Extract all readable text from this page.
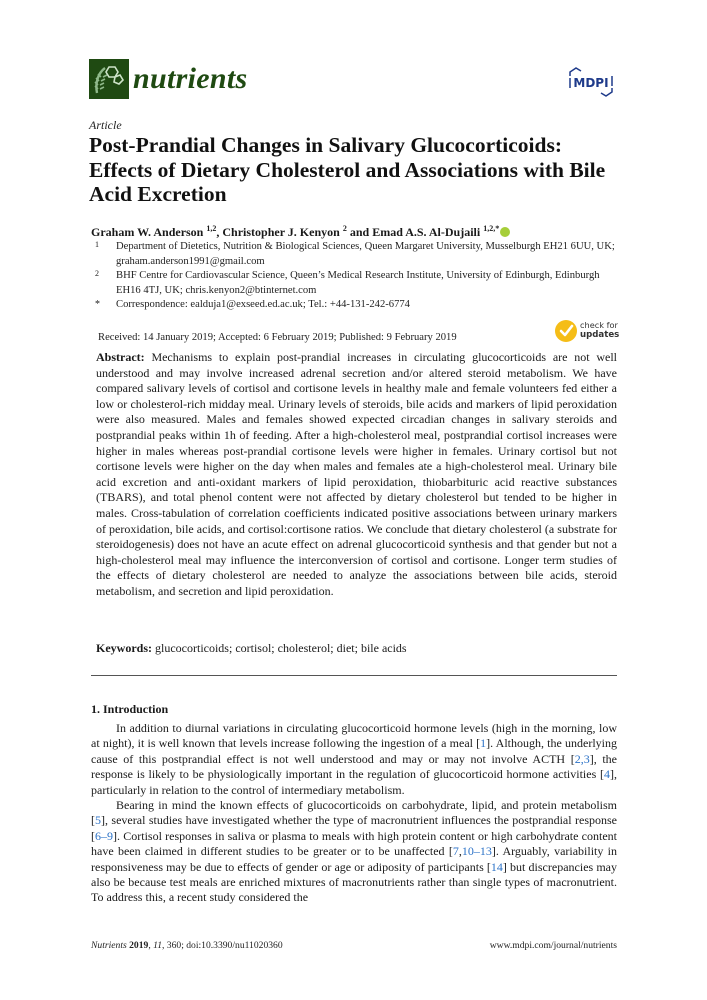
nutrients	MDPI
Article
Post-Prandial Changes in Salivary Glucocorticoids: Effects of Dietary Cholesterol and Associations with Bile Acid Excretion
Graham W. Anderson $^{1,2}$, Christopher J. Kenyon $^2$ and Emad A.S. Al-Dujaili $^{1,2,*}$
1 Department of Dietetics, Nutrition & Biological Sciences, Queen Margaret University, Musselburgh EH21 6UU, UK; graham.anderson1991@gmail.com
2 BHF Centre for Cardiovascular Science, Queen’s Medical Research Institute, University of Edinburgh, Edinburgh EH16 4TJ, UK; chris.kenyon2@btinternet.com
* Correspondence: ealduja1@exseed.ed.ac.uk; Tel.: +44-131-242-6774
Received: 14 January 2019; Accepted: 6 February 2019; Published: 9 February 2019
check for
updates
Abstract: Mechanisms to explain post-prandial increases in circulating glucocorticoids are not well understood and may involve increased adrenal secretion and/or altered steroid metabolism. We have compared salivary levels of cortisol and cortisone levels in healthy male and female volunteers fed either a low or cholesterol-rich midday meal. Urinary levels of steroids, bile acids and markers of lipid peroxidation were also measured. Males and females showed expected circadian changes in salivary steroids and postprandial peaks within 1h of feeding. After a high-cholesterol meal, postprandial cortisol increases were higher in males whereas post-prandial cortisone levels were higher in females. Urinary cortisol but not cortisone levels were higher on the day when males and females ate a high-cholesterol meal. Urinary bile acid excretion and anti-oxidant markers of lipid peroxidation, thiobarbituric acid reactive substances (TBARS), and total phenol content were not affected by dietary cholesterol but tended to be higher in males. Cross-tabulation of correlation coefficients indicated positive associations between urinary markers of peroxidation, bile acids, and cortisol:cortisone ratios. We conclude that dietary cholesterol (a substrate for steroidogenesis) does not have an acute effect on adrenal glucocorticoid synthesis and that gender but not a high-cholesterol meal may influence the interconversion of cortisol and cortisone. Longer term studies of the effects of dietary cholesterol are needed to analyze the associations between bile acids, steroid metabolism, and secretion and lipid peroxidation.
Keywords: glucocorticoids; cortisol; cholesterol; diet; bile acids
1. Introduction

In addition to diurnal variations in circulating glucocorticoid hormone levels (high in the morning, low at night), it is well known that levels increase following the ingestion of a meal [1]. Although, the underlying cause of this postprandial effect is not well understood and may or may not involve ACTH [2,3], the response is likely to be physiologically important in the regulation of glucocorticoid hormone activities [4], particularly in relation to the control of intermediary metabolism.

Bearing in mind the known effects of glucocorticoids on carbohydrate, lipid, and protein metabolism [5], several studies have investigated whether the type of macronutrient influences the postprandial response [6–9]. Cortisol responses in saliva or plasma to meals with high protein content or high carbohydrate content have been claimed in different studies to be greater or to be unaffected [7,10–13]. Arguably, variability in responsiveness may be due to effects of gender or age or adiposity of participants [14] but discrepancies may also be because test meals are enriched mixtures of macronutrients rather than single types of macronutrient. To address this, a recent study considered the

Nutrients 2019, 11, 360; doi:10.3390/nu11020360	www.mdpi.com/journal/nutrients
